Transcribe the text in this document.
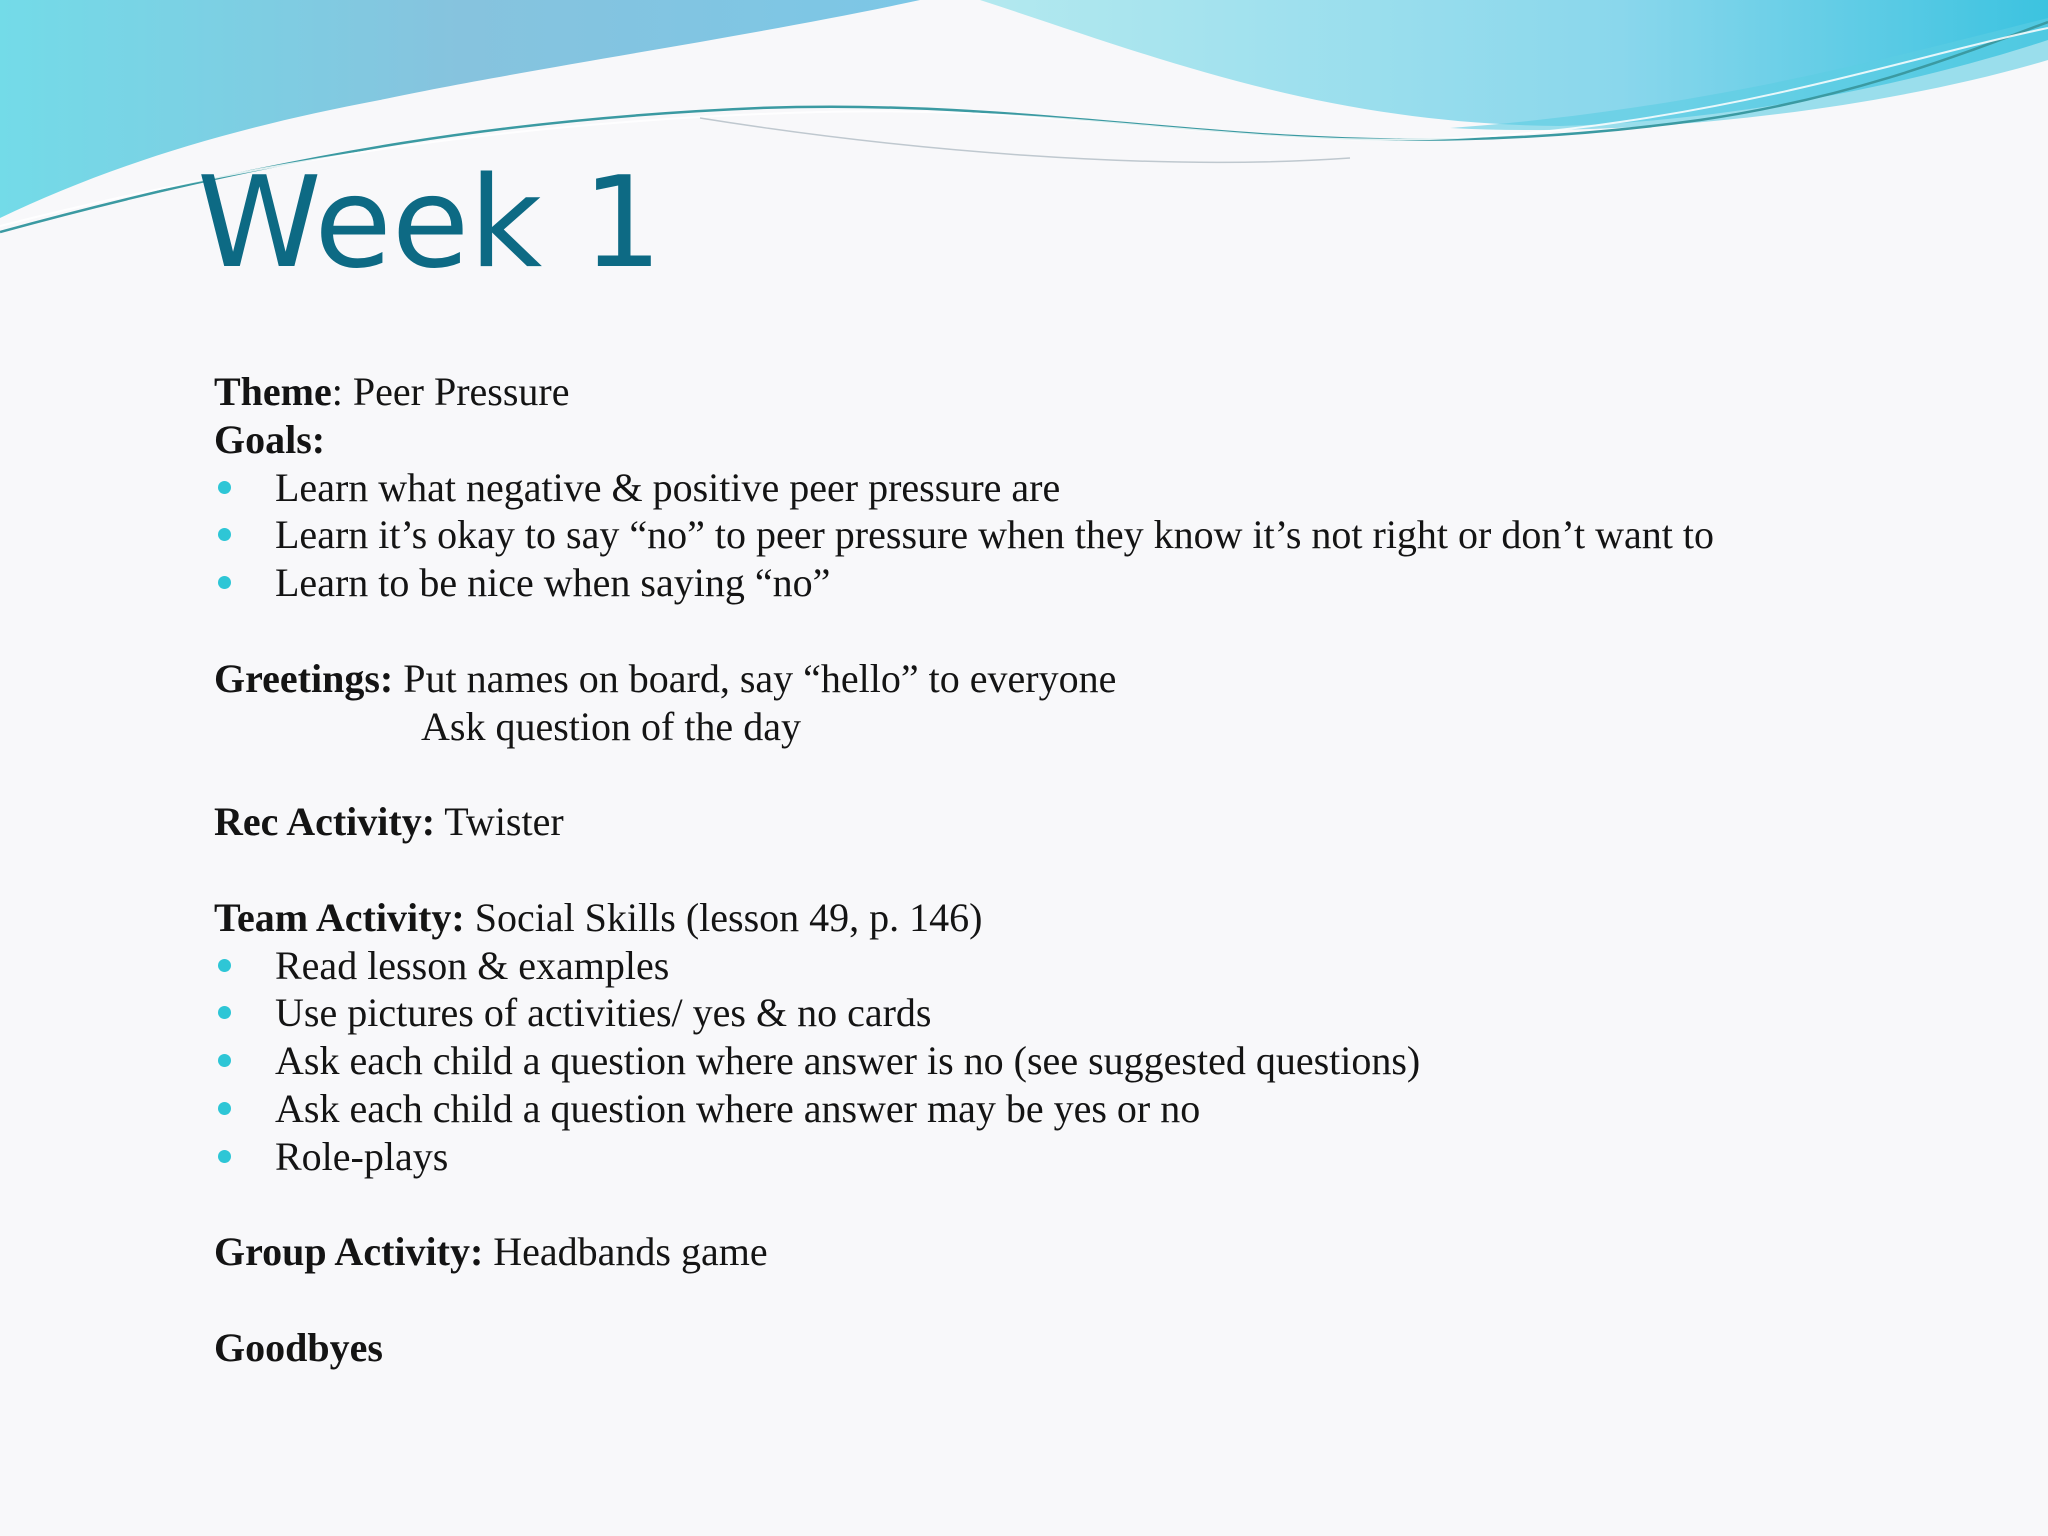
Week 1
Theme: Peer Pressure
Goals:
Learn what negative & positive peer pressure are
Learn it’s okay to say “no” to peer pressure when they know it’s not right or don’t want to
Learn to be nice when saying “no”
Greetings: Put names on board, say “hello” to everyone
Ask question of the day
Rec Activity: Twister
Team Activity: Social Skills (lesson 49, p. 146)
Read lesson & examples
Use pictures of activities/ yes & no cards
Ask each child a question where answer is no (see suggested questions)
Ask each child a question where answer may be yes or no
Role-plays
Group Activity: Headbands game
Goodbyes
